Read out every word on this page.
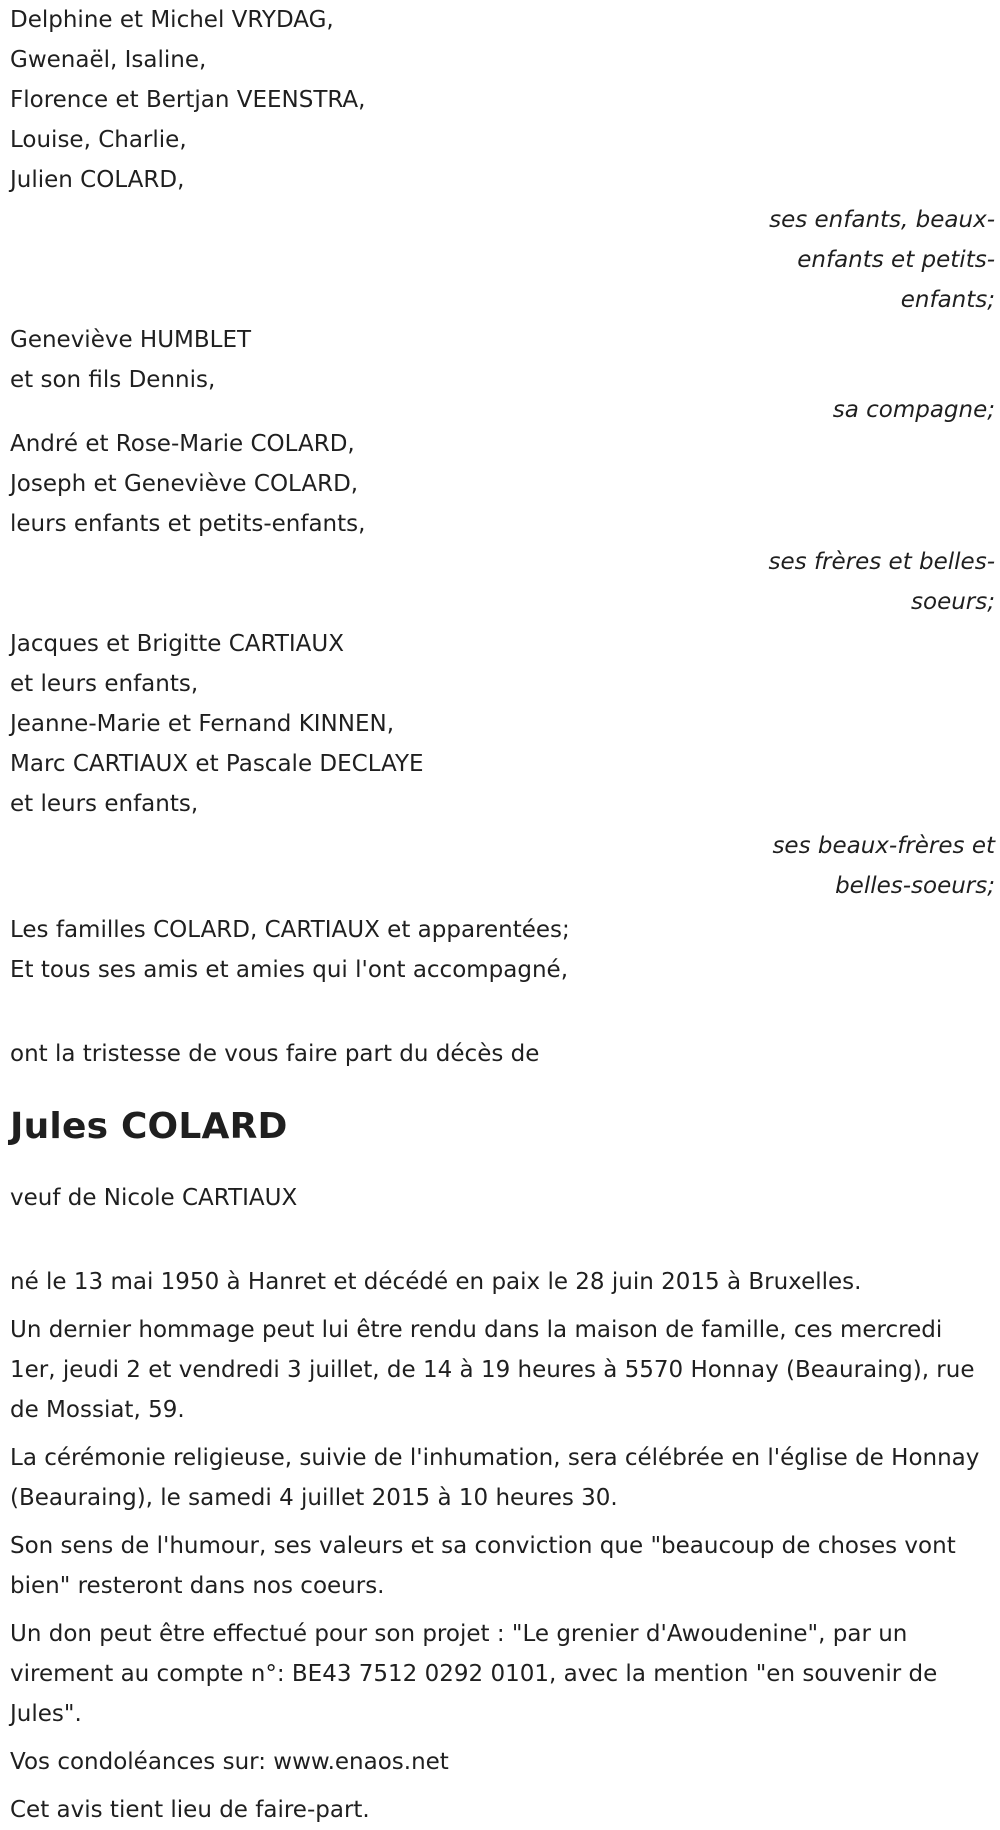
Delphine et Michel VRYDAG,
Gwenaël, Isaline,
Florence et Bertjan VEENSTRA,
Louise, Charlie,
Julien COLARD,
ses enfants, beaux-
enfants et petits-
enfants;
Geneviève HUMBLET
et son fils Dennis,
sa compagne;
André et Rose-Marie COLARD,
Joseph et Geneviève COLARD,
leurs enfants et petits-enfants,
ses frères et belles-
soeurs;
Jacques et Brigitte CARTIAUX
et leurs enfants,
Jeanne-Marie et Fernand KINNEN,
Marc CARTIAUX et Pascale DECLAYE
et leurs enfants,
ses beaux-frères et
belles-soeurs;
Les familles COLARD, CARTIAUX et apparentées;
Et tous ses amis et amies qui l'ont accompagné,
ont la tristesse de vous faire part du décès de
Jules COLARD
veuf de Nicole CARTIAUX

né le 13 mai 1950 à Hanret et décédé en paix le 28 juin 2015 à Bruxelles.

Un dernier hommage peut lui être rendu dans la maison de famille, ces mercredi 1er, jeudi 2 et vendredi 3 juillet, de 14 à 19 heures à 5570 Honnay (Beauraing), rue de Mossiat, 59.

La cérémonie religieuse, suivie de l'inhumation, sera célébrée en l'église de Honnay (Beauraing), le samedi 4 juillet 2015 à 10 heures 30.

Son sens de l'humour, ses valeurs et sa conviction que "beaucoup de choses vont bien" resteront dans nos coeurs.

Un don peut être effectué pour son projet : "Le grenier d'Awoudenine", par un virement au compte n°: BE43 7512 0292 0101, avec la mention "en souvenir de Jules".

Vos condoléances sur: www.enaos.net

Cet avis tient lieu de faire-part.
